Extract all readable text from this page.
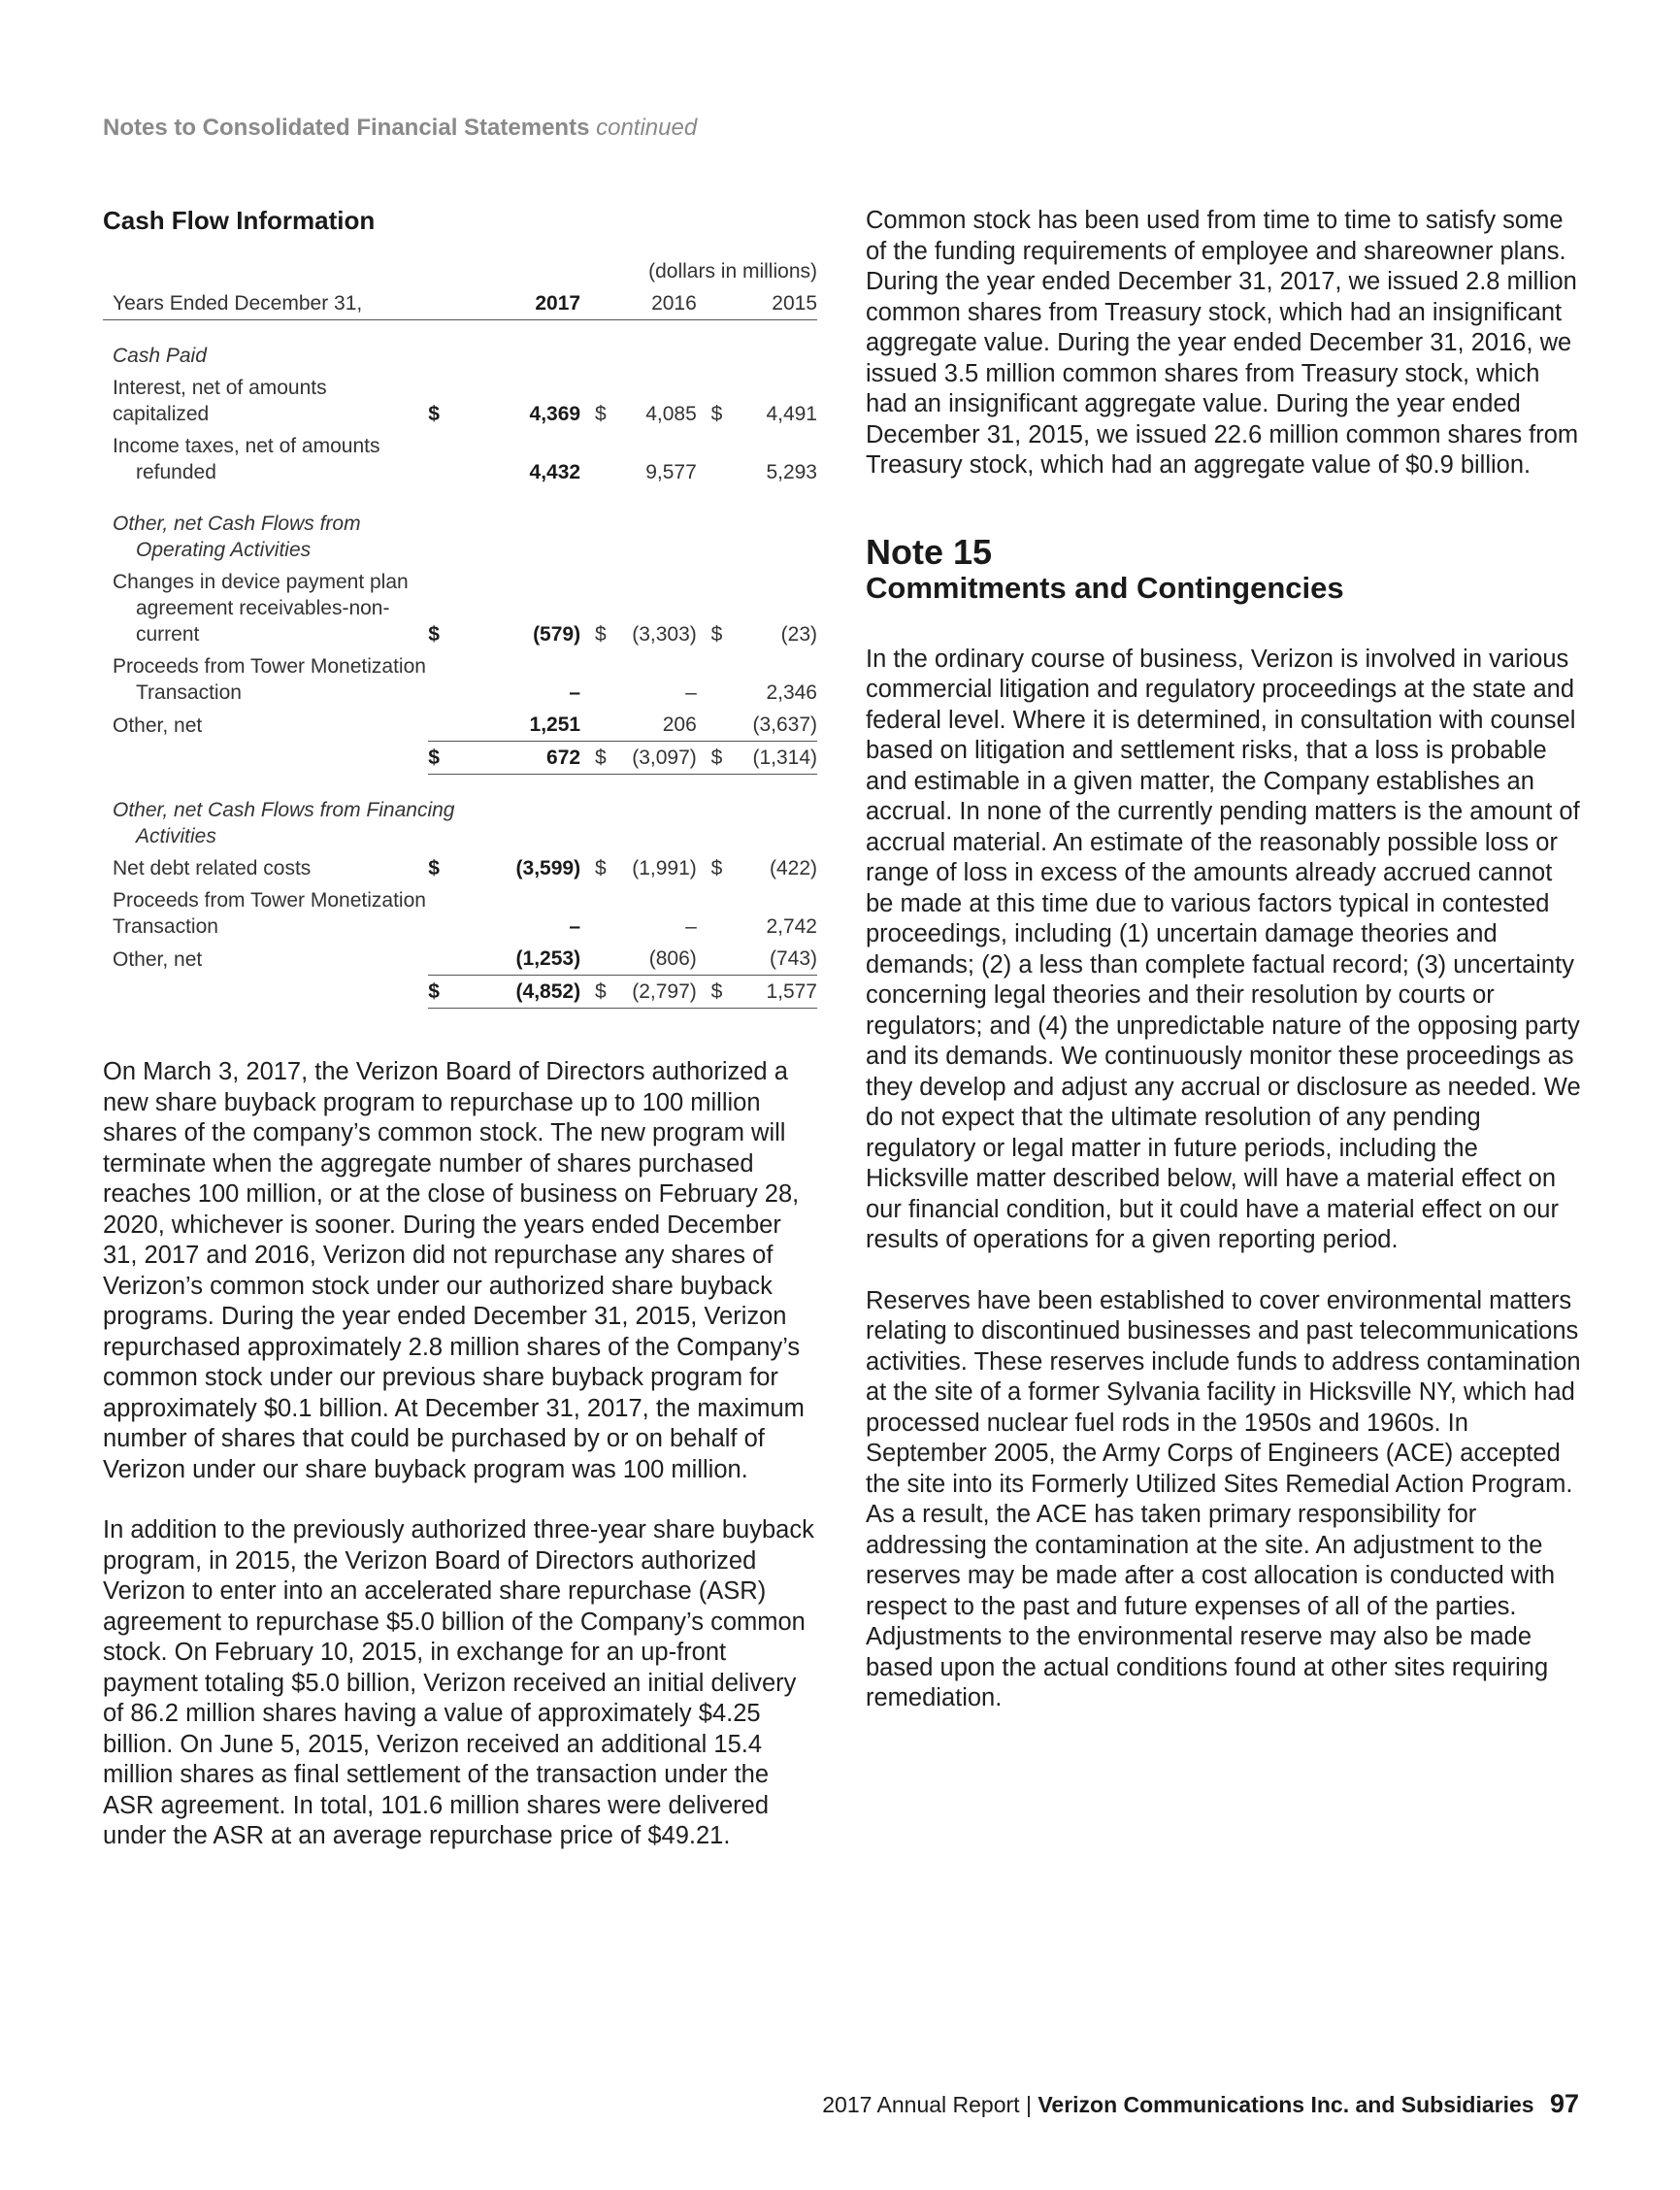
Notes to Consolidated Financial Statements continued
Cash Flow Information
(dollars in millions)								
Years Ended December 31,		2017			2016			2015

Cash Paid								
Interest, net of amounts capitalized	$	4,369		$	4,085		$	4,491
Income taxes, net of amounts

refunded		4,432			9,577			5,293

Other, net Cash Flows from

Operating Activities								

Changes in device payment plan

agreement receivables-non-current	$	(579)		$	(3,303)		$	(23)
Proceeds from Tower Monetization

Transaction		–			–			2,346
Other, net		1,251			206			(3,637)
	$	672		$	(3,097)		$	(1,314)

Other, net Cash Flows from Financing

Activities								

Net debt related costs	$	(3,599)		$	(1,991)		$	(422)
Proceeds from Tower Monetization
Transaction		–			–			2,742
Other, net		(1,253)			(806)			(743)
	$	(4,852)		$	(2,797)		$	1,577

On March 3, 2017, the Verizon Board of Directors authorized a new share buyback program to repurchase up to 100 million shares of the company’s common stock. The new program will terminate when the aggregate number of shares purchased reaches 100 million, or at the close of business on February 28, 2020, whichever is sooner. During the years ended December 31, 2017 and 2016, Verizon did not repurchase any shares of Verizon’s common stock under our authorized share buyback programs. During the year ended December 31, 2015, Verizon repurchased approximately 2.8 million shares of the Company’s common stock under our previous share buyback program for approximately $0.1 billion. At December 31, 2017, the maximum number of shares that could be purchased by or on behalf of Verizon under our share buyback program was 100 million.

In addition to the previously authorized three-year share buyback program, in 2015, the Verizon Board of Directors authorized Verizon to enter into an accelerated share repurchase (ASR) agreement to repurchase $5.0 billion of the Company’s common stock. On February 10, 2015, in exchange for an up-front payment totaling $5.0 billion, Verizon received an initial delivery of 86.2 million shares having a value of approximately $4.25 billion. On June 5, 2015, Verizon received an additional 15.4 million shares as final settlement of the transaction under the ASR agreement. In total, 101.6 million shares were delivered under the ASR at an average repurchase price of $49.21.

Common stock has been used from time to time to satisfy some of the funding requirements of employee and shareowner plans. During the year ended December 31, 2017, we issued 2.8 million common shares from Treasury stock, which had an insignificant aggregate value. During the year ended December 31, 2016, we issued 3.5 million common shares from Treasury stock, which had an insignificant aggregate value. During the year ended December 31, 2015, we issued 22.6 million common shares from Treasury stock, which had an aggregate value of $0.9 billion.

Note 15
Commitments and Contingencies

In the ordinary course of business, Verizon is involved in various commercial litigation and regulatory proceedings at the state and federal level. Where it is determined, in consultation with counsel based on litigation and settlement risks, that a loss is probable and estimable in a given matter, the Company establishes an accrual. In none of the currently pending matters is the amount of accrual material. An estimate of the reasonably possible loss or range of loss in excess of the amounts already accrued cannot be made at this time due to various factors typical in contested proceedings, including (1) uncertain damage theories and demands; (2) a less than complete factual record; (3) uncertainty concerning legal theories and their resolution by courts or regulators; and (4) the unpredictable nature of the opposing party and its demands. We continuously monitor these proceedings as they develop and adjust any accrual or disclosure as needed. We do not expect that the ultimate resolution of any pending regulatory or legal matter in future periods, including the Hicksville matter described below, will have a material effect on our financial condition, but it could have a material effect on our results of operations for a given reporting period.

Reserves have been established to cover environmental matters relating to discontinued businesses and past telecommunications activities. These reserves include funds to address contamination at the site of a former Sylvania facility in Hicksville NY, which had processed nuclear fuel rods in the 1950s and 1960s. In September 2005, the Army Corps of Engineers (ACE) accepted the site into its Formerly Utilized Sites Remedial Action Program. As a result, the ACE has taken primary responsibility for addressing the contamination at the site. An adjustment to the reserves may be made after a cost allocation is conducted with respect to the past and future expenses of all of the parties. Adjustments to the environmental reserve may also be made based upon the actual conditions found at other sites requiring remediation.

2017 Annual Report | Verizon Communications Inc. and Subsidiaries 97
